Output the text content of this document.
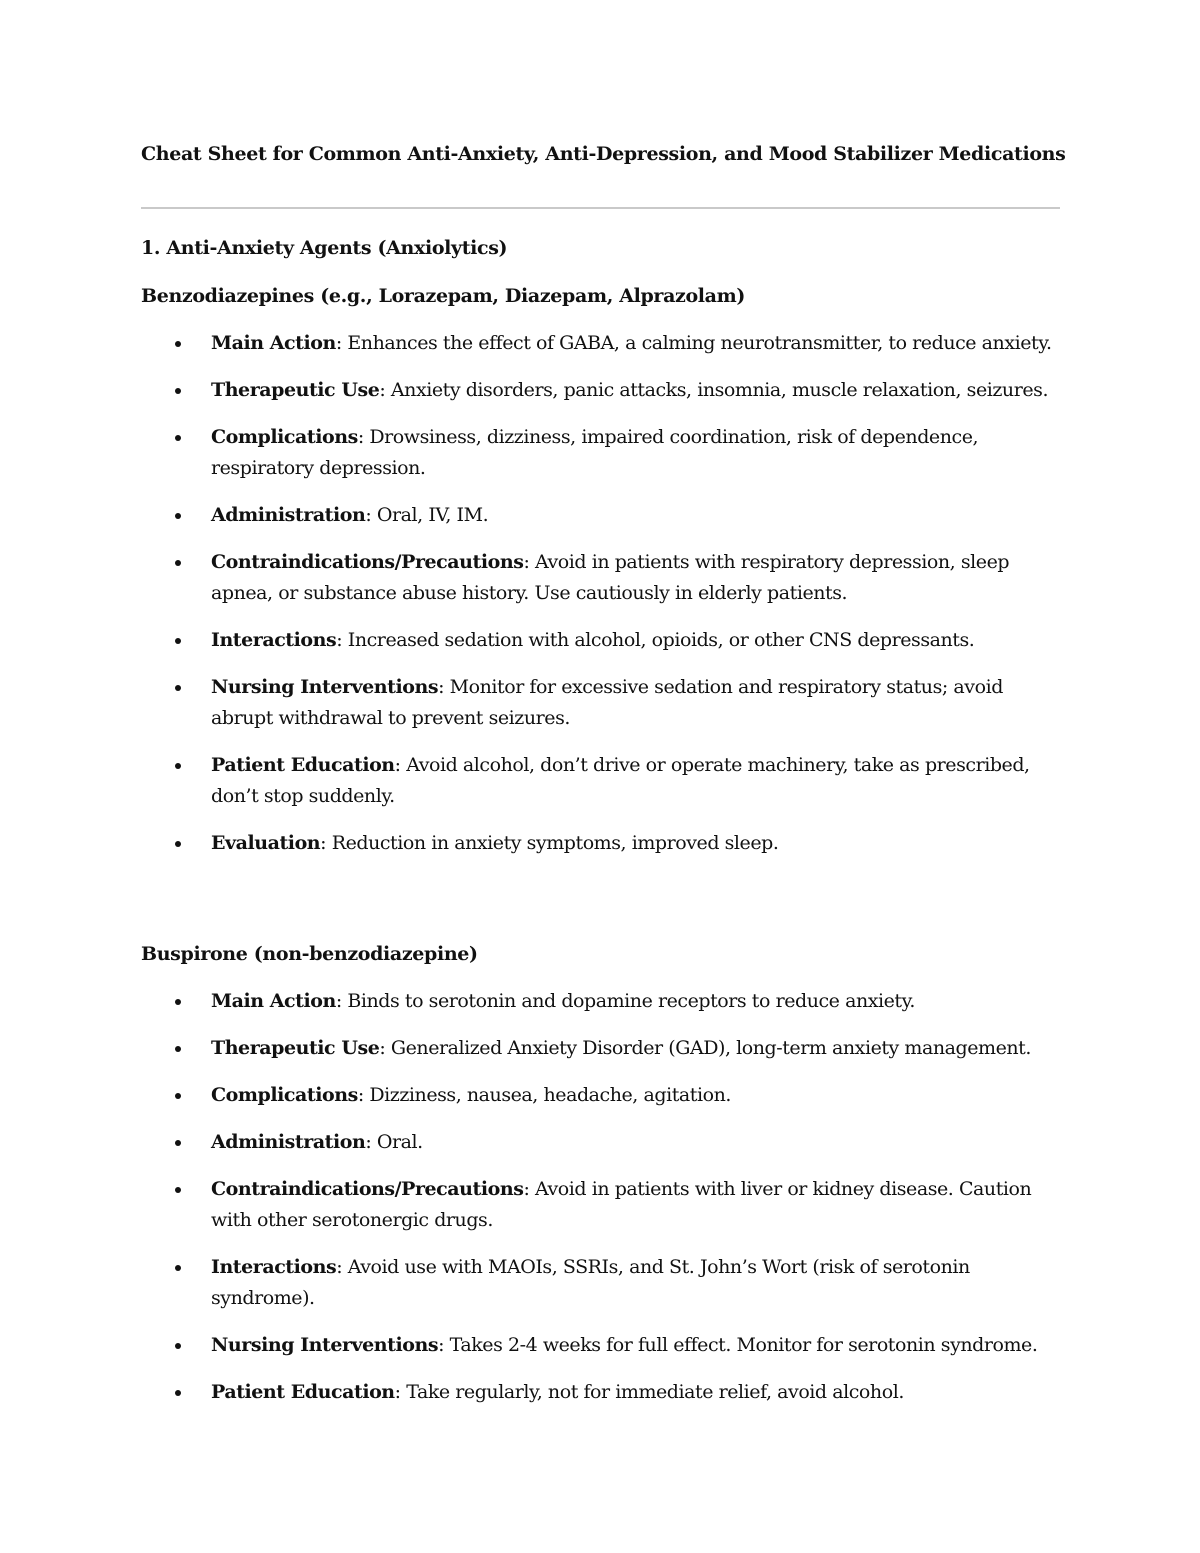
Cheat Sheet for Common Anti-Anxiety, Anti-Depression, and Mood Stabilizer Medications
1. Anti-Anxiety Agents (Anxiolytics)
Benzodiazepines (e.g., Lorazepam, Diazepam, Alprazolam)
Main Action: Enhances the effect of GABA, a calming neurotransmitter, to reduce anxiety.
Therapeutic Use: Anxiety disorders, panic attacks, insomnia, muscle relaxation, seizures.
Complications: Drowsiness, dizziness, impaired coordination, risk of dependence, respiratory depression.
Administration: Oral, IV, IM.
Contraindications/Precautions: Avoid in patients with respiratory depression, sleep apnea, or substance abuse history. Use cautiously in elderly patients.
Interactions: Increased sedation with alcohol, opioids, or other CNS depressants.
Nursing Interventions: Monitor for excessive sedation and respiratory status; avoid abrupt withdrawal to prevent seizures.
Patient Education: Avoid alcohol, don’t drive or operate machinery, take as prescribed, don’t stop suddenly.
Evaluation: Reduction in anxiety symptoms, improved sleep.
Buspirone (non-benzodiazepine)
Main Action: Binds to serotonin and dopamine receptors to reduce anxiety.
Therapeutic Use: Generalized Anxiety Disorder (GAD), long-term anxiety management.
Complications: Dizziness, nausea, headache, agitation.
Administration: Oral.
Contraindications/Precautions: Avoid in patients with liver or kidney disease. Caution with other serotonergic drugs.
Interactions: Avoid use with MAOIs, SSRIs, and St. John’s Wort (risk of serotonin syndrome).
Nursing Interventions: Takes 2-4 weeks for full effect. Monitor for serotonin syndrome.
Patient Education: Take regularly, not for immediate relief, avoid alcohol.
